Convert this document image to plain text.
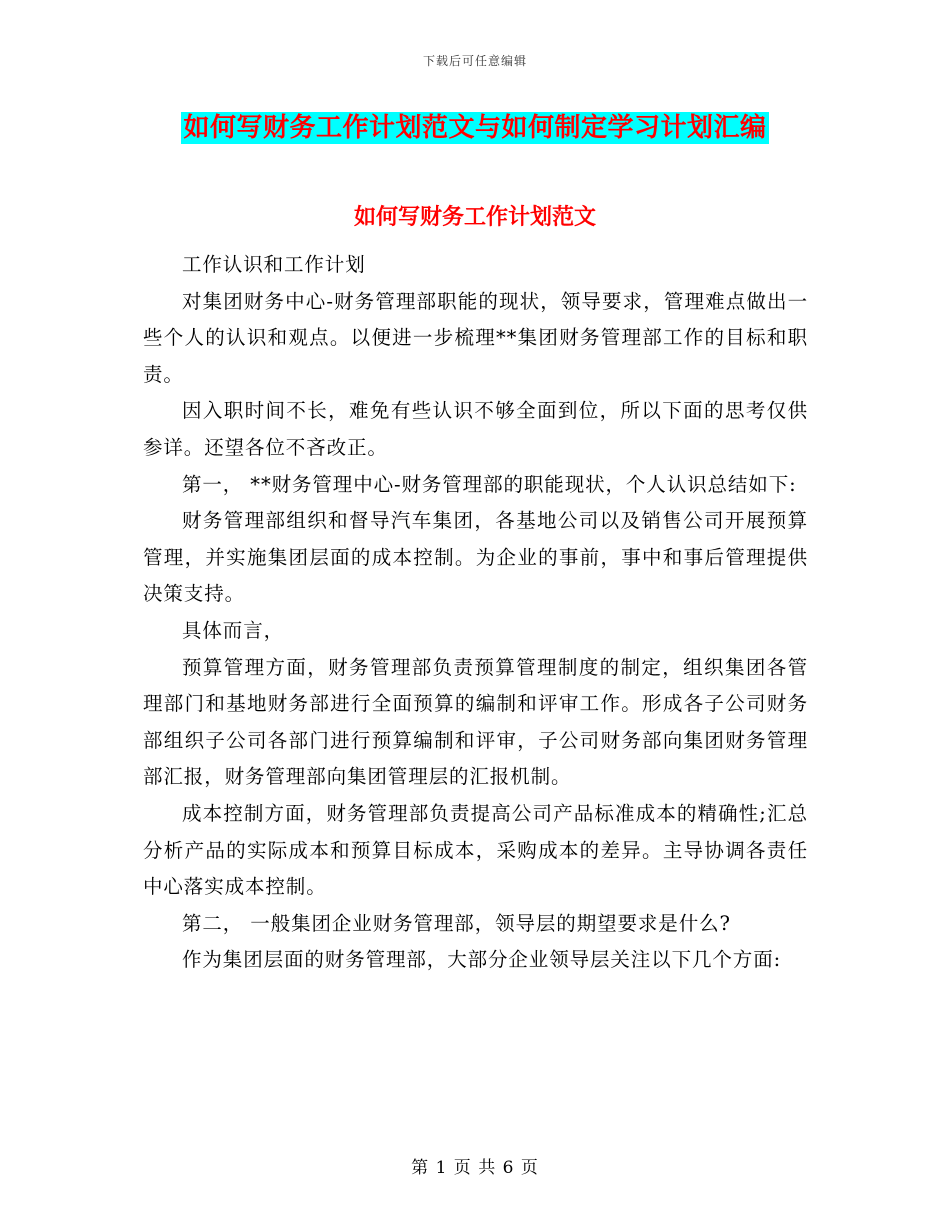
下载后可任意编辑
如何写财务工作计划范文与如何制定学习计划汇编
如何写财务工作计划范文

工作认识和工作计划

对集团财务中心-财务管理部职能的现状，领导要求，管理难点做出一些个人的认识和观点。以便进一步梳理**集团财务管理部工作的目标和职责。

因入职时间不长，难免有些认识不够全面到位，所以下面的思考仅供参详。还望各位不吝改正。

第一， **财务管理中心-财务管理部的职能现状，个人认识总结如下:

财务管理部组织和督导汽车集团，各基地公司以及销售公司开展预算管理，并实施集团层面的成本控制。为企业的事前，事中和事后管理提供决策支持。

具体而言，

预算管理方面，财务管理部负责预算管理制度的制定，组织集团各管理部门和基地财务部进行全面预算的编制和评审工作。形成各子公司财务部组织子公司各部门进行预算编制和评审，子公司财务部向集团财务管理部汇报，财务管理部向集团管理层的汇报机制。

成本控制方面，财务管理部负责提高公司产品标准成本的精确性;汇总分析产品的实际成本和预算目标成本，采购成本的差异。主导协调各责任中心落实成本控制。

第二， 一般集团企业财务管理部，领导层的期望要求是什么?

作为集团层面的财务管理部，大部分企业领导层关注以下几个方面:

第 1 页 共 6 页
